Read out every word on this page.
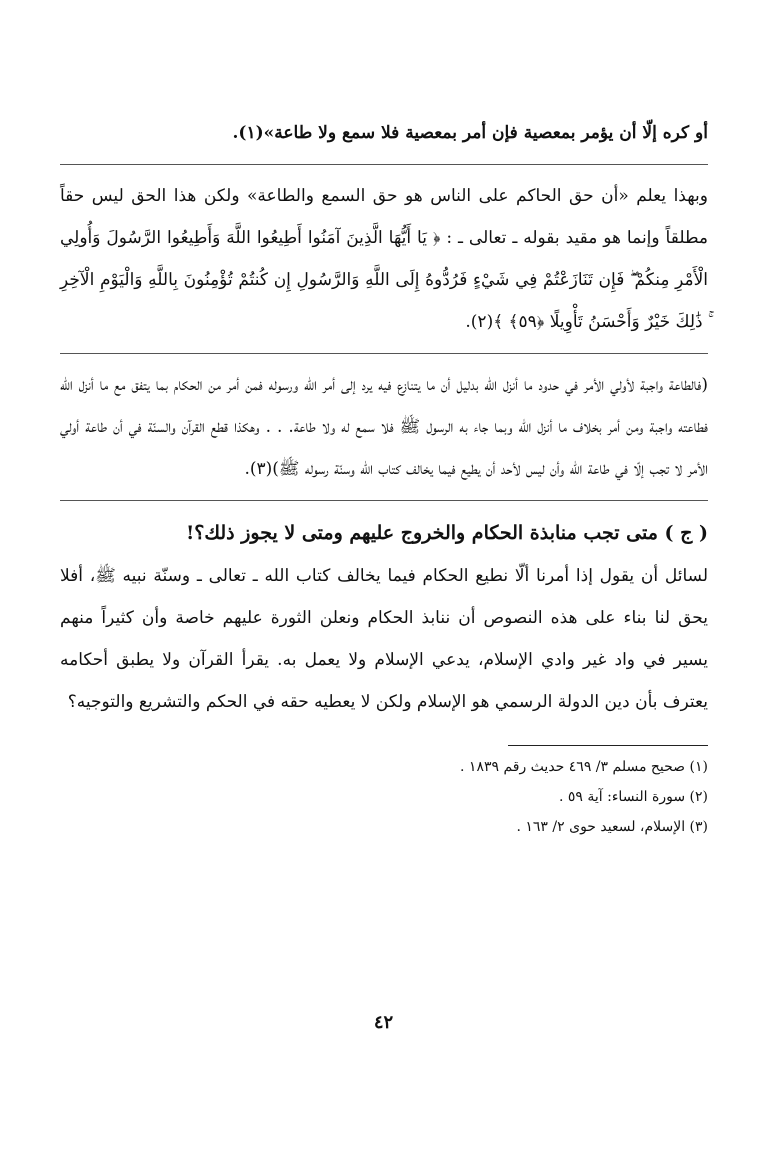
أو كره إلّا أن يؤمر بمعصية فإن أمر بمعصية فلا سمع ولا طاعة»(١).

وبهذا يعلم «أن حق الحاكم على الناس هو حق السمع والطاعة» ولكن هذا الحق ليس حقاً مطلقاً وإنما هو مقيد بقوله ـ تعالى ـ : ﴿ يَا أَيُّهَا الَّذِينَ آمَنُوا أَطِيعُوا اللَّهَ وَأَطِيعُوا الرَّسُولَ وَأُولِي الْأَمْرِ مِنكُمْ ۖ فَإِن تَنَازَعْتُمْ فِي شَيْءٍ فَرُدُّوهُ إِلَى اللَّهِ وَالرَّسُولِ إِن كُنتُمْ تُؤْمِنُونَ بِاللَّهِ وَالْيَوْمِ الْآخِرِ ۚ ذَٰلِكَ خَيْرٌ وَأَحْسَنُ تَأْوِيلًا ﴿٥٩﴾ ﴾(٢).

(فالطاعة واجبة لأولي الأمر في حدود ما أنزل الله بدليل أن ما يتنازع فيه يرد إلى أمر الله ورسوله فمن أمر من الحكام بما يتفق مع ما أنزل الله فطاعته واجبة ومن أمر بخلاف ما أنزل الله وبما جاء به الرسول ﷺ فلا سمع له ولا طاعة. . . وهكذا قطع القرآن والسنّة في أن طاعة أولي الأمر لا تجب إلّا في طاعة الله وأن ليس لأحد أن يطيع فيما يخالف كتاب الله وسنّة رسوله ﷺ)(٣).

( ج ) متى تجب منابذة الحكام والخروج عليهم ومتى لا يجوز ذلك؟!

لسائل أن يقول إذا أمرنا ألّا نطيع الحكام فيما يخالف كتاب الله ـ تعالى ـ وسنّة نبيه ﷺ، أفلا يحق لنا بناء على هذه النصوص أن ننابذ الحكام ونعلن الثورة عليهم خاصة وأن كثيراً منهم يسير في واد غير وادي الإسلام، يدعي الإسلام ولا يعمل به. يقرأ القرآن ولا يطبق أحكامه يعترف بأن دين الدولة الرسمي هو الإسلام ولكن لا يعطيه حقه في الحكم والتشريع والتوجيه؟

(١) صحيح مسلم ٣/ ٤٦٩ حديث رقم ١٨٣٩ .

(٢) سورة النساء: آية ٥٩ .

(٣) الإسلام، لسعيد حوى ٢/ ١٦٣ .

٤٢
